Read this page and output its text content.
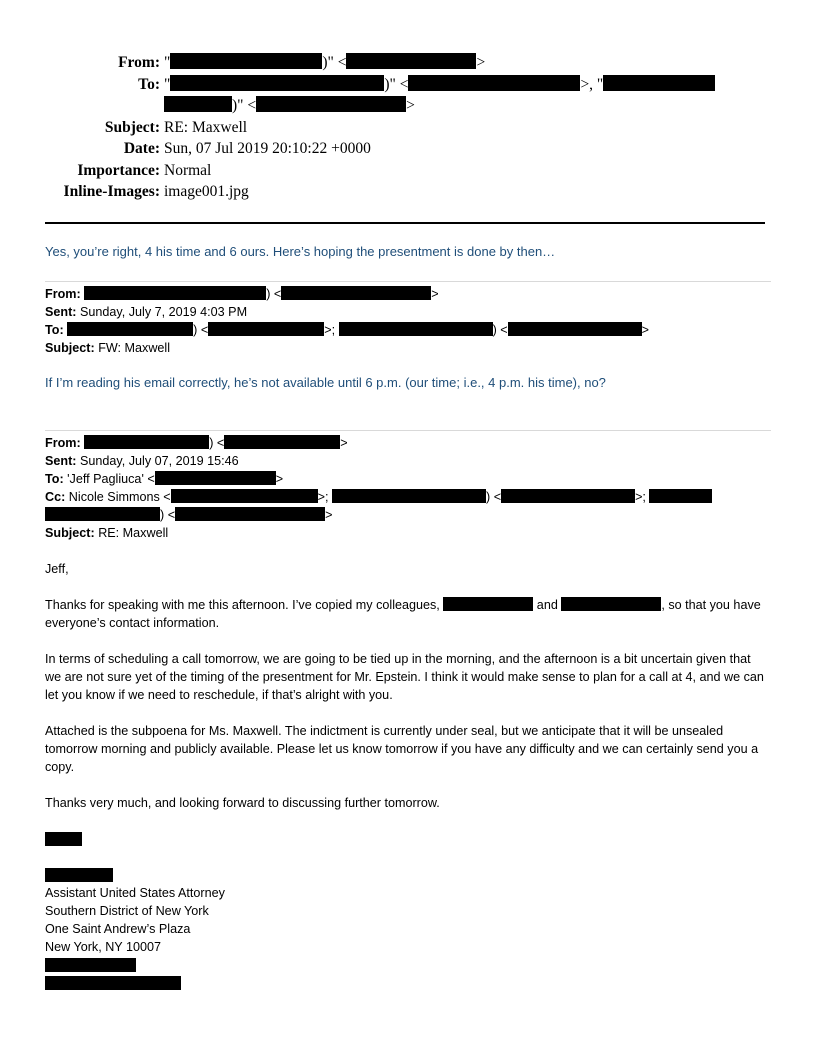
From: "	)" <	>
To: "	)" <	>, "
)" <	>
Subject: RE: Maxwell
Date: Sun, 07 Jul 2019 20:10:22 +0000
Importance: Normal
Inline-Images: image001.jpg
Yes, you’re right, 4 his time and 6 ours. Here’s hoping the presentment is done by then…
From:	) <	>
Sent: Sunday, July 7, 2019 4:03 PM
To:	) <	>;	) <	>
Subject: FW: Maxwell
If I’m reading his email correctly, he’s not available until 6 p.m. (our time; i.e., 4 p.m. his time), no?
From:	) <	>
Sent: Sunday, July 07, 2019 15:46
To: 'Jeff Pagliuca' <	>
Cc: Nicole Simmons <	>;	) <	>;
) <	>
Subject: RE: Maxwell
Jeff,

Thanks for speaking with me this afternoon. I’ve copied my colleagues,	and	, so that you have everyone’s contact information.

In terms of scheduling a call tomorrow, we are going to be tied up in the morning, and the afternoon is a bit uncertain given that we are not sure yet of the timing of the presentment for Mr. Epstein. I think it would make sense to plan for a call at 4, and we can let you know if we need to reschedule, if that’s alright with you.
Attached is the subpoena for Ms. Maxwell. The indictment is currently under seal, but we anticipate that it will be unsealed tomorrow morning and publicly available. Please let us know tomorrow if you have any difficulty and we can certainly send you a copy.
Thanks very much, and looking forward to discussing further tomorrow.
Assistant United States Attorney
Southern District of New York
One Saint Andrew’s Plaza
New York, NY 10007
